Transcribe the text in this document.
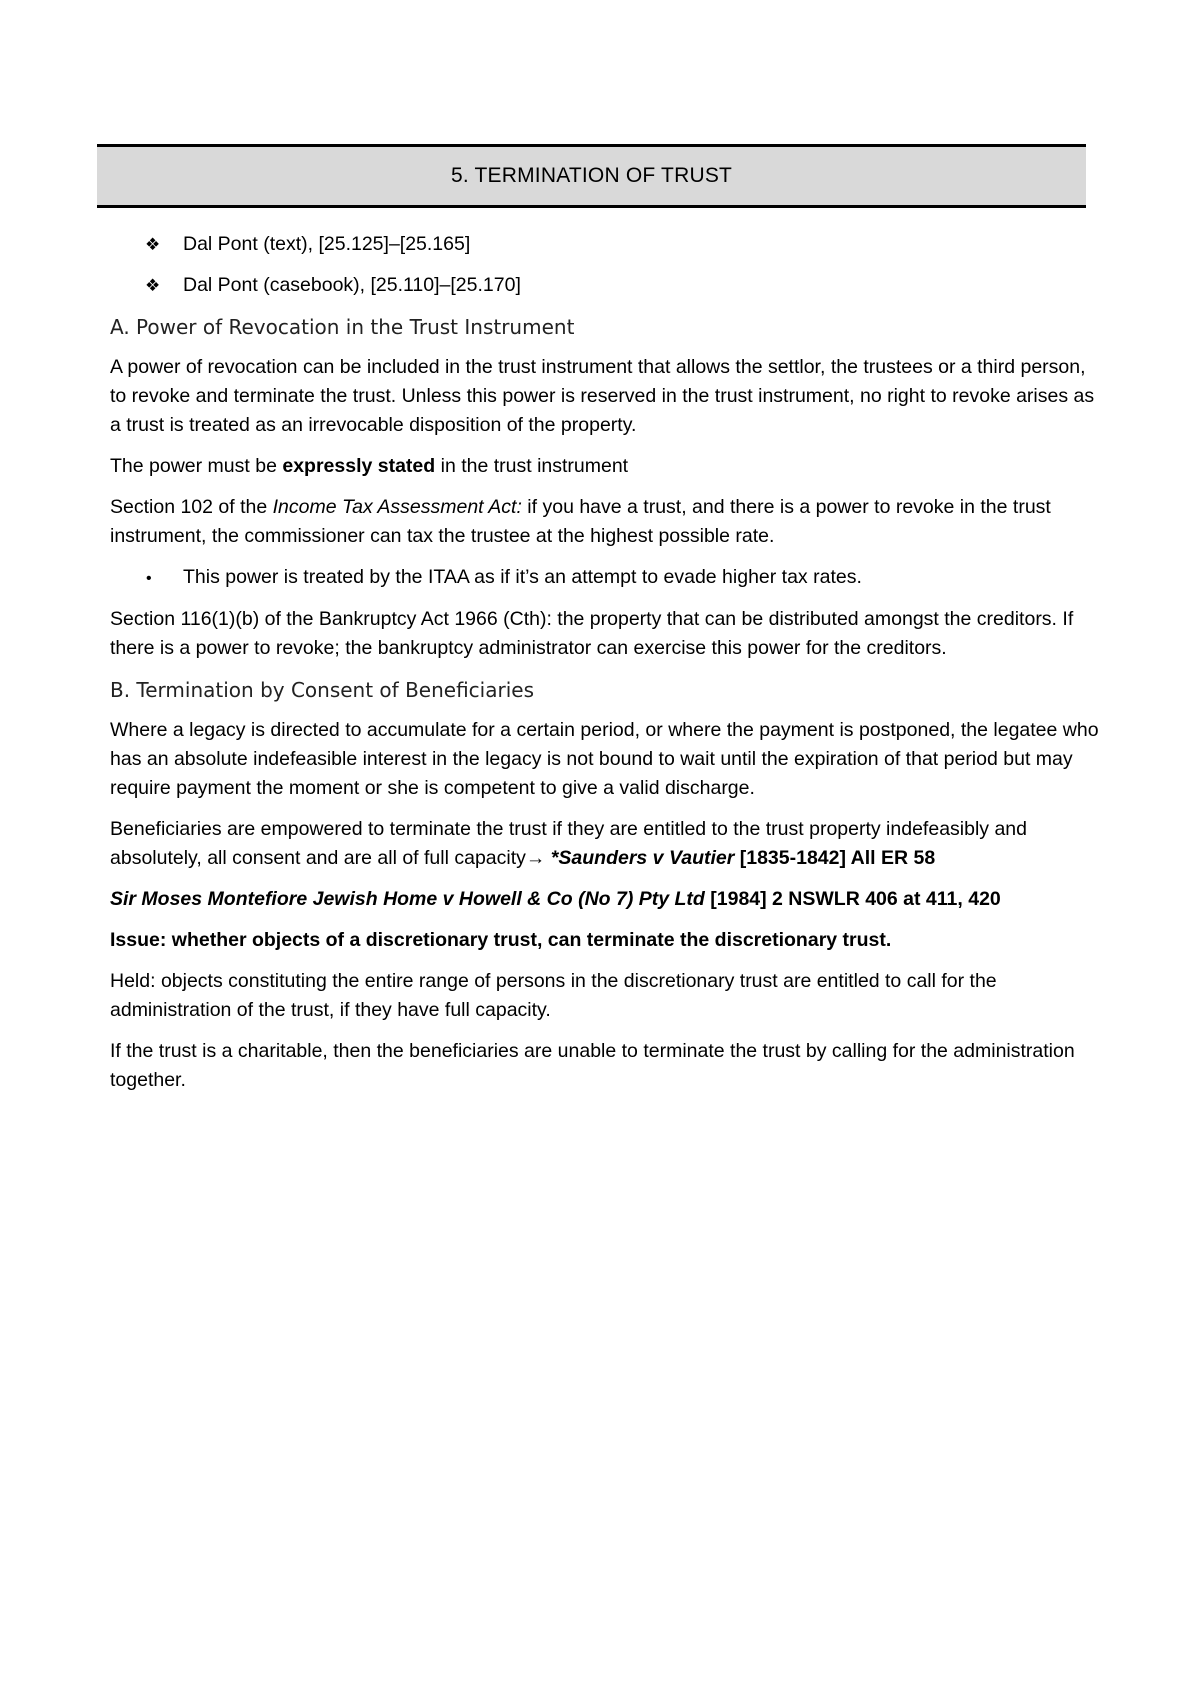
5. TERMINATION OF TRUST
❖	Dal Pont (text), [25.125]–[25.165]
❖	Dal Pont (casebook), [25.110]–[25.170]
A. Power of Revocation in the Trust Instrument

A power of revocation can be included in the trust instrument that allows the settlor, the trustees or a third person, to revoke and terminate the trust. Unless this power is reserved in the trust instrument, no right to revoke arises as a trust is treated as an irrevocable disposition of the property.

The power must be expressly stated in the trust instrument

Section 102 of the Income Tax Assessment Act: if you have a trust, and there is a power to revoke in the trust instrument, the commissioner can tax the trustee at the highest possible rate.

•	This power is treated by the ITAA as if it’s an attempt to evade higher tax rates.

Section 116(1)(b) of the Bankruptcy Act 1966 (Cth): the property that can be distributed amongst the creditors. If there is a power to revoke; the bankruptcy administrator can exercise this power for the creditors.

B. Termination by Consent of Beneficiaries

Where a legacy is directed to accumulate for a certain period, or where the payment is postponed, the legatee who has an absolute indefeasible interest in the legacy is not bound to wait until the expiration of that period but may require payment the moment or she is competent to give a valid discharge.

Beneficiaries are empowered to terminate the trust if they are entitled to the trust property indefeasibly and absolutely, all consent and are all of full capacity→ *Saunders v Vautier [1835-1842] All ER 58

Sir Moses Montefiore Jewish Home v Howell & Co (No 7) Pty Ltd [1984] 2 NSWLR 406 at 411, 420

Issue: whether objects of a discretionary trust, can terminate the discretionary trust.

Held: objects constituting the entire range of persons in the discretionary trust are entitled to call for the administration of the trust, if they have full capacity.

If the trust is a charitable, then the beneficiaries are unable to terminate the trust by calling for the administration together.
